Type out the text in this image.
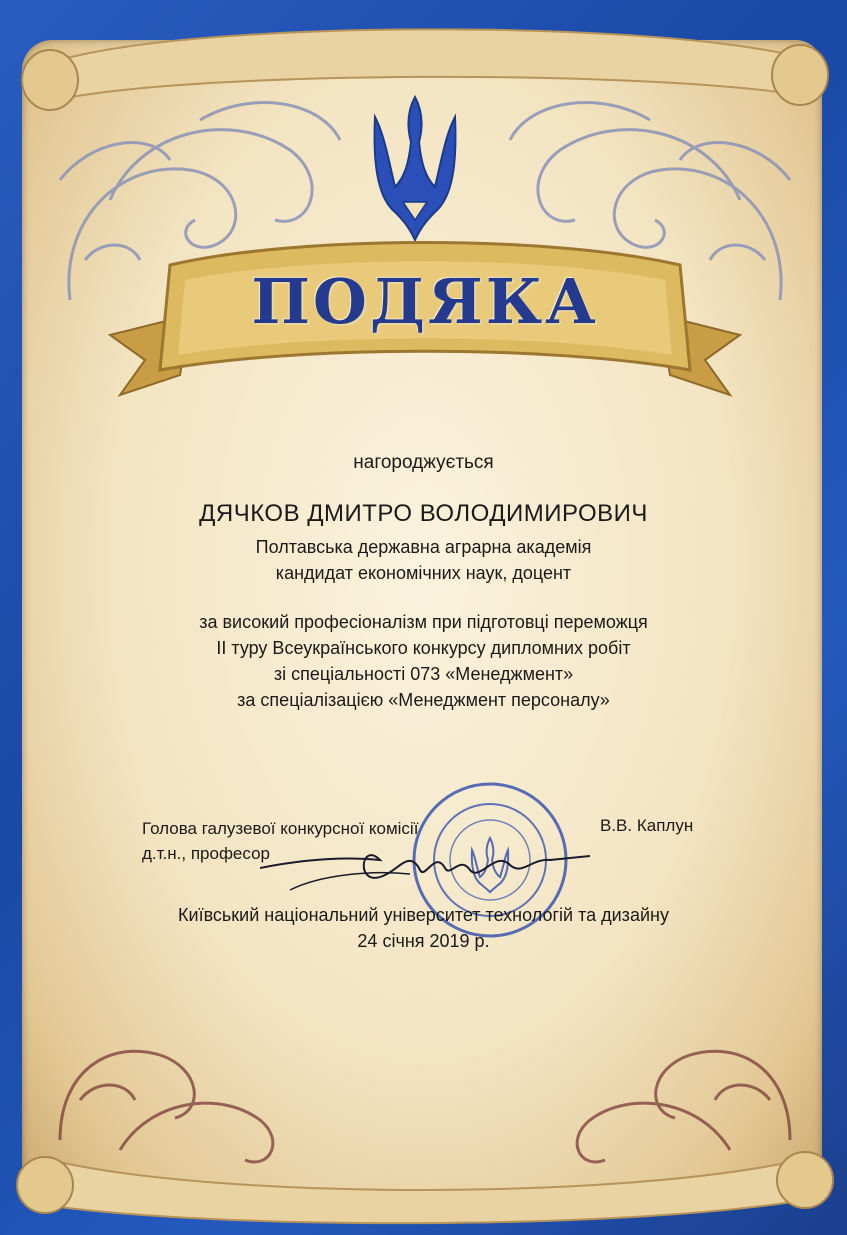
ПОДЯКА
нагороджується
ДЯЧКОВ ДМИТРО ВОЛОДИМИРОВИЧ
Полтавська державна аграрна академія
кандидат економічних наук, доцент
за високий професіоналізм при підготовці переможця
II туру Всеукраїнського конкурсу дипломних робіт
зі спеціальності 073 «Менеджмент»
за спеціалізацією «Менеджмент персоналу»
Голова галузевої конкурсної комісії
д.т.н., професор
В.В. Каплун
Київський національний університет технологій та дизайну
24 січня 2019 р.
